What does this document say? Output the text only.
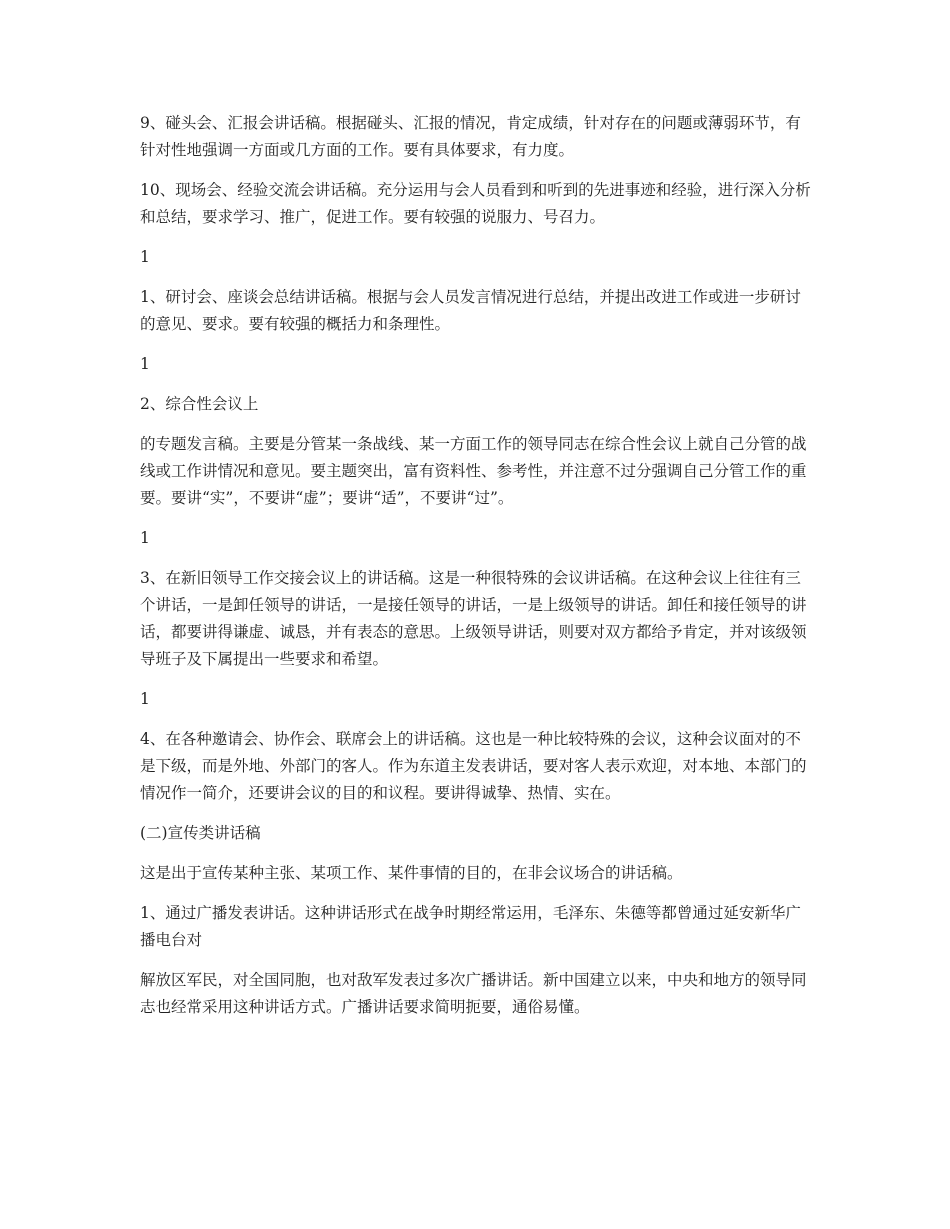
9、碰头会、汇报会讲话稿。根据碰头、汇报的情况，肯定成绩，针对存在的问题或薄弱环节，有针对性地强调一方面或几方面的工作。要有具体要求，有力度。

10、现场会、经验交流会讲话稿。充分运用与会人员看到和听到的先进事迹和经验，进行深入分析和总结，要求学习、推广，促进工作。要有较强的说服力、号召力。

1

1、研讨会、座谈会总结讲话稿。根据与会人员发言情况进行总结，并提出改进工作或进一步研讨的意见、要求。要有较强的概括力和条理性。

1

2、综合性会议上

的专题发言稿。主要是分管某一条战线、某一方面工作的领导同志在综合性会议上就自己分管的战线或工作讲情况和意见。要主题突出，富有资料性、参考性，并注意不过分强调自己分管工作的重要。要讲“实”，不要讲“虚”；要讲“适”，不要讲“过”。

1

3、在新旧领导工作交接会议上的讲话稿。这是一种很特殊的会议讲话稿。在这种会议上往往有三个讲话，一是卸任领导的讲话，一是接任领导的讲话，一是上级领导的讲话。卸任和接任领导的讲话，都要讲得谦虚、诚恳，并有表态的意思。上级领导讲话，则要对双方都给予肯定，并对该级领导班子及下属提出一些要求和希望。

1

4、在各种邀请会、协作会、联席会上的讲话稿。这也是一种比较特殊的会议，这种会议面对的不是下级，而是外地、外部门的客人。作为东道主发表讲话，要对客人表示欢迎，对本地、本部门的情况作一简介，还要讲会议的目的和议程。要讲得诚挚、热情、实在。

(二)宣传类讲话稿

这是出于宣传某种主张、某项工作、某件事情的目的，在非会议场合的讲话稿。

1、通过广播发表讲话。这种讲话形式在战争时期经常运用，毛泽东、朱德等都曾通过延安新华广播电台对

解放区军民，对全国同胞，也对敌军发表过多次广播讲话。新中国建立以来，中央和地方的领导同志也经常采用这种讲话方式。广播讲话要求简明扼要，通俗易懂。
